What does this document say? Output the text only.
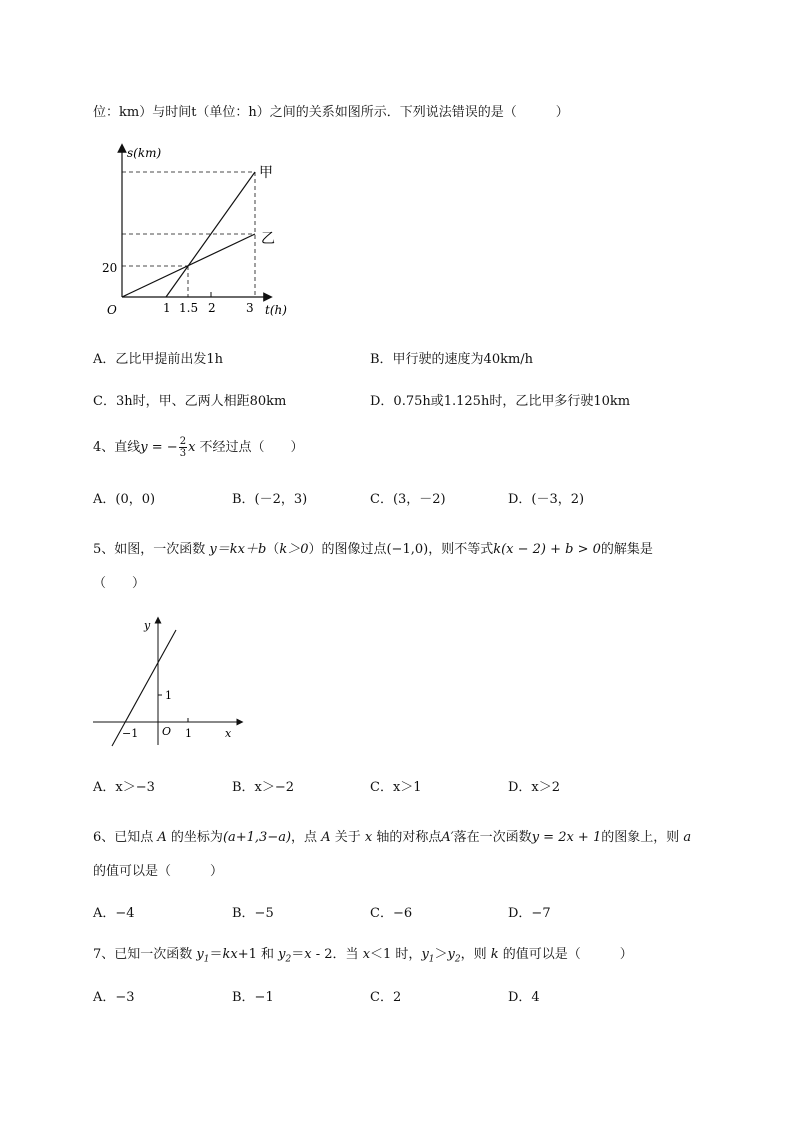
位：km）与时间t（单位：h）之间的关系如图所示．下列说法错误的是（　　　）
s(km)
t(h)
O
20
1 1.5 2	3
甲
乙
A．乙比甲提前出发1h	B．甲行驶的速度为40km/h
C．3h时，甲、乙两人相距80km	D．0.75h或1.125h时，乙比甲多行驶10km
4、直线y = − $\frac{2}{3}$ x 不经过点（　　）
A．(0，0)	B．(－2，3)	C．(3，－2)	D．(－3，2)
5、如图，一次函数 y＝kx＋b（k＞0）的图像过点(−1,0)，则不等式k(x − 2) + b > 0的解集是
（　　）
y
x
O
−1	1
1
A．x＞−3	B．x＞−2	C．x＞1	D．x＞2
6、已知点 A 的坐标为(a+1,3−a)，点 A 关于 x 轴的对称点A′落在一次函数y = 2x + 1的图象上，则 a
的值可以是（　　　）
A．−4	B．−5	C．−6	D．−7
7、已知一次函数 $y_1=kx+1$ 和 $y_2=x - 2$．当 x＜1 时，$y_1>y_2$，则 k 的值可以是（　　　）
A．−3	B．−1	C．2	D．4
